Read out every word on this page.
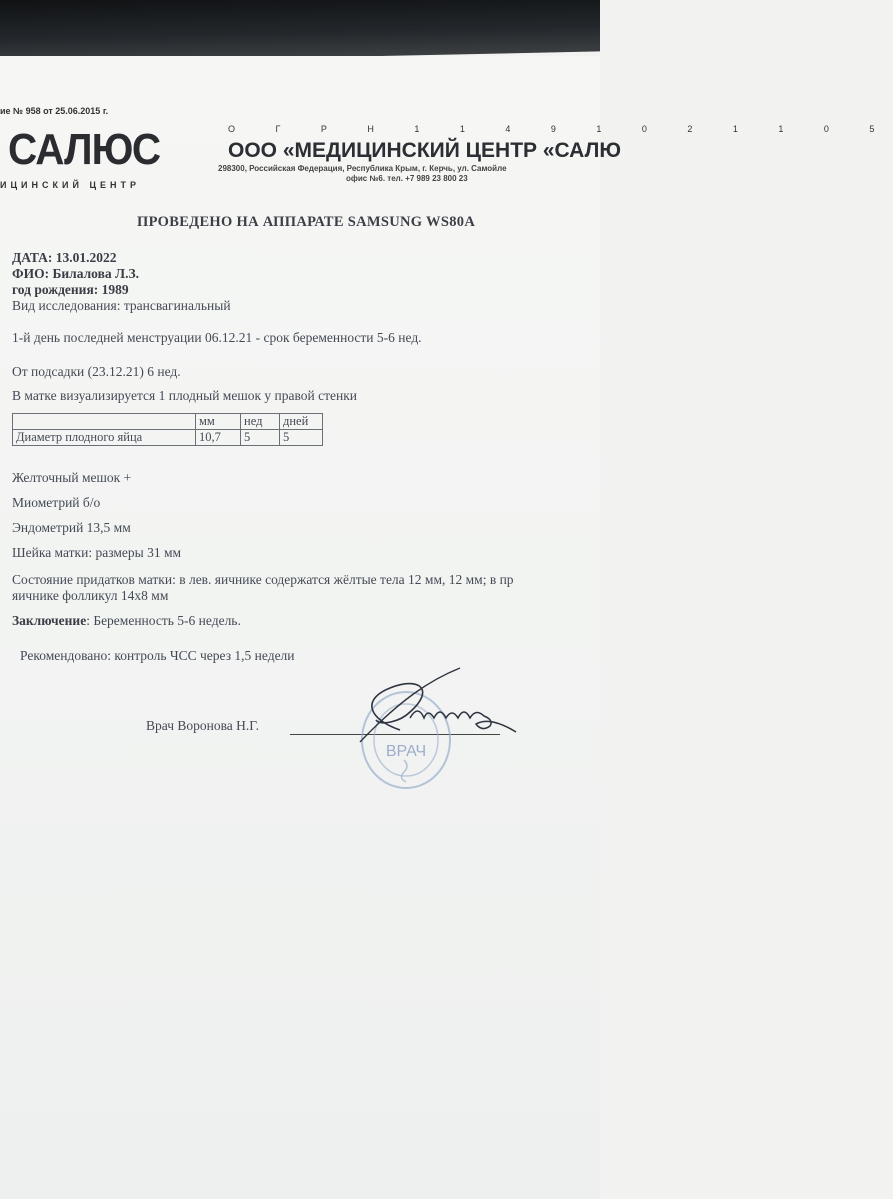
ие № 958 от 25.06.2015 г.
САЛЮС
ИЦИНСКИЙ ЦЕНТР
О Г Р Н 1 1 4 9 1 0 2 1 1 0 5
ООО «МЕДИЦИНСКИЙ ЦЕНТР «САЛЮ
298300, Российская Федерация, Республика Крым, г. Керчь, ул. Самойле
офис №6. тел. +7 989 23 800 23
ПРОВЕДЕНО НА АППАРАТЕ SAMSUNG WS80A
ДАТА: 13.01.2022
ФИО: Билалова Л.З.
год рождения: 1989
Вид исследования: трансвагинальный
1-й день последней менструации 06.12.21 - срок беременности 5-6 нед.
От подсадки (23.12.21) 6 нед.
В матке визуализируется 1 плодный мешок у правой стенки
	мм	нед	дней
Диаметр плодного яйца	10,7	5	5
Желточный мешок +
Миометрий б/о
Эндометрий 13,5 мм
Шейка матки: размеры 31 мм
Состояние придатков матки: в лев. яичнике содержатся жёлтые тела 12 мм, 12 мм; в пр
яичнике фолликул 14х8 мм
Заключение: Беременность 5-6 недель.
Рекомендовано: контроль ЧСС через 1,5 недели
Врач Воронова Н.Г.
ВРАЧ
